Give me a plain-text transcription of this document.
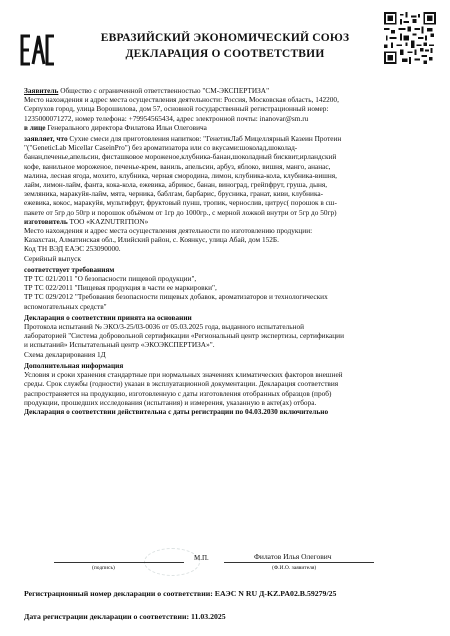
ЕВРАЗИЙСКИЙ ЭКОНОМИЧЕСКИЙ СОЮЗ
ДЕКЛАРАЦИЯ О СООТВЕТСТВИИ
Заявитель Общество с ограниченной ответственностью "СМ-ЭКСПЕРТИЗА"
Место нахождения и адрес места осуществления деятельности: Россия, Московская область, 142200,
Серпухов город, улица Ворошилова, дом 57, основной государственный регистрационный номер:
1235000071272, номер телефона: +79954565434, адрес электронной почты: inanovar@sm.ru
в лице Генерального директора Филатова Ильи Олеговича
заявляет, что Сухие смеси для приготовления напитков: "ГенетикЛаб Мицеллярный Казеин Протеин
"("GeneticLab Micellar CaseinPro") без ароматизатора или со вкусами:шоколад,шоколад-
банан,печенье,апельсин, фисташковое мороженое,клубника-банан,шоколадный бисквит,ирландский
кофе, ванильное мороженое, печенье-крем, ваниль, апельсин, арбуз, яблоко, вишня, манго, ананас,
малина, лесная ягода, мохито, клубника, черная смородина, лимон, клубника-кола, клубника-вишня,
лайм, лимон-лайм, фанта, кока-кола, ежевика, абрикос, банан, виноград, грейпфрут, груша, дыня,
земляника, маракуйя-лайм, мята, черника, баблгам, барбарис, брусника, гранат, киви, клубника-
ежевика, кокос, маракуйя, мультифрут, фруктовый пунш, тропик, чернослив, цитрус( порошок в сш-
пакете от 5гр до 50гр и порошок объёмом от 1гр до 1000гр., с мерной ложкой внутри от 5гр до 50гр)
изготовитель ТОО «KAZNUTRITION»
Место нахождения и адрес места осуществления деятельности по изготовлению продукции:
Казахстан, Алматинская обл., Илийский район, с. Коянкус, улица Абай, дом 152Б.
Код ТН ВЭД ЕАЭС 253090000.
Серийный выпуск
соответствует требованиям
ТР ТС 021/2011 "О безопасности пищевой продукции",
ТР ТС 022/2011 "Пищевая продукция в части ее маркировки",
ТР ТС 029/2012 "Требования безопасности пищевых добавок, ароматизаторов и технологических
вспомогательных средств"
Декларация о соответствии принята на основании
Протокола испытаний № ЭКО/3-25/03-0036 от 05.03.2025 года, выданного испытательной
лабораторией "Система добровольной сертификации «Региональный центр экспертизы, сертификации
и испытаний» Испытательный центр «ЭКОЭКСПЕРТИЗА»".
Схема декларирования 1Д
Дополнительная информация
Условия и сроки хранения стандартные при нормальных значениях климатических факторов внешней
среды. Срок службы (годности) указан в эксплуатационной документации. Декларация соответствия
распространяется на продукцию, изготовленную с даты изготовления отобранных образцов (проб)
продукции, прошедших исследования (испытания) и измерения, указанную в акте(ах) отбора.
Декларация о соответствии действительна с даты регистрации по 04.03.2030 включительно
М.П.	Филатов Илья Олегович
(подпись)	(Ф.И.О. заявителя)
Регистрационный номер декларации о соответствии: ЕАЭС N RU Д-KZ.PA02.B.59279/25
Дата регистрации декларации о соответствии: 11.03.2025
